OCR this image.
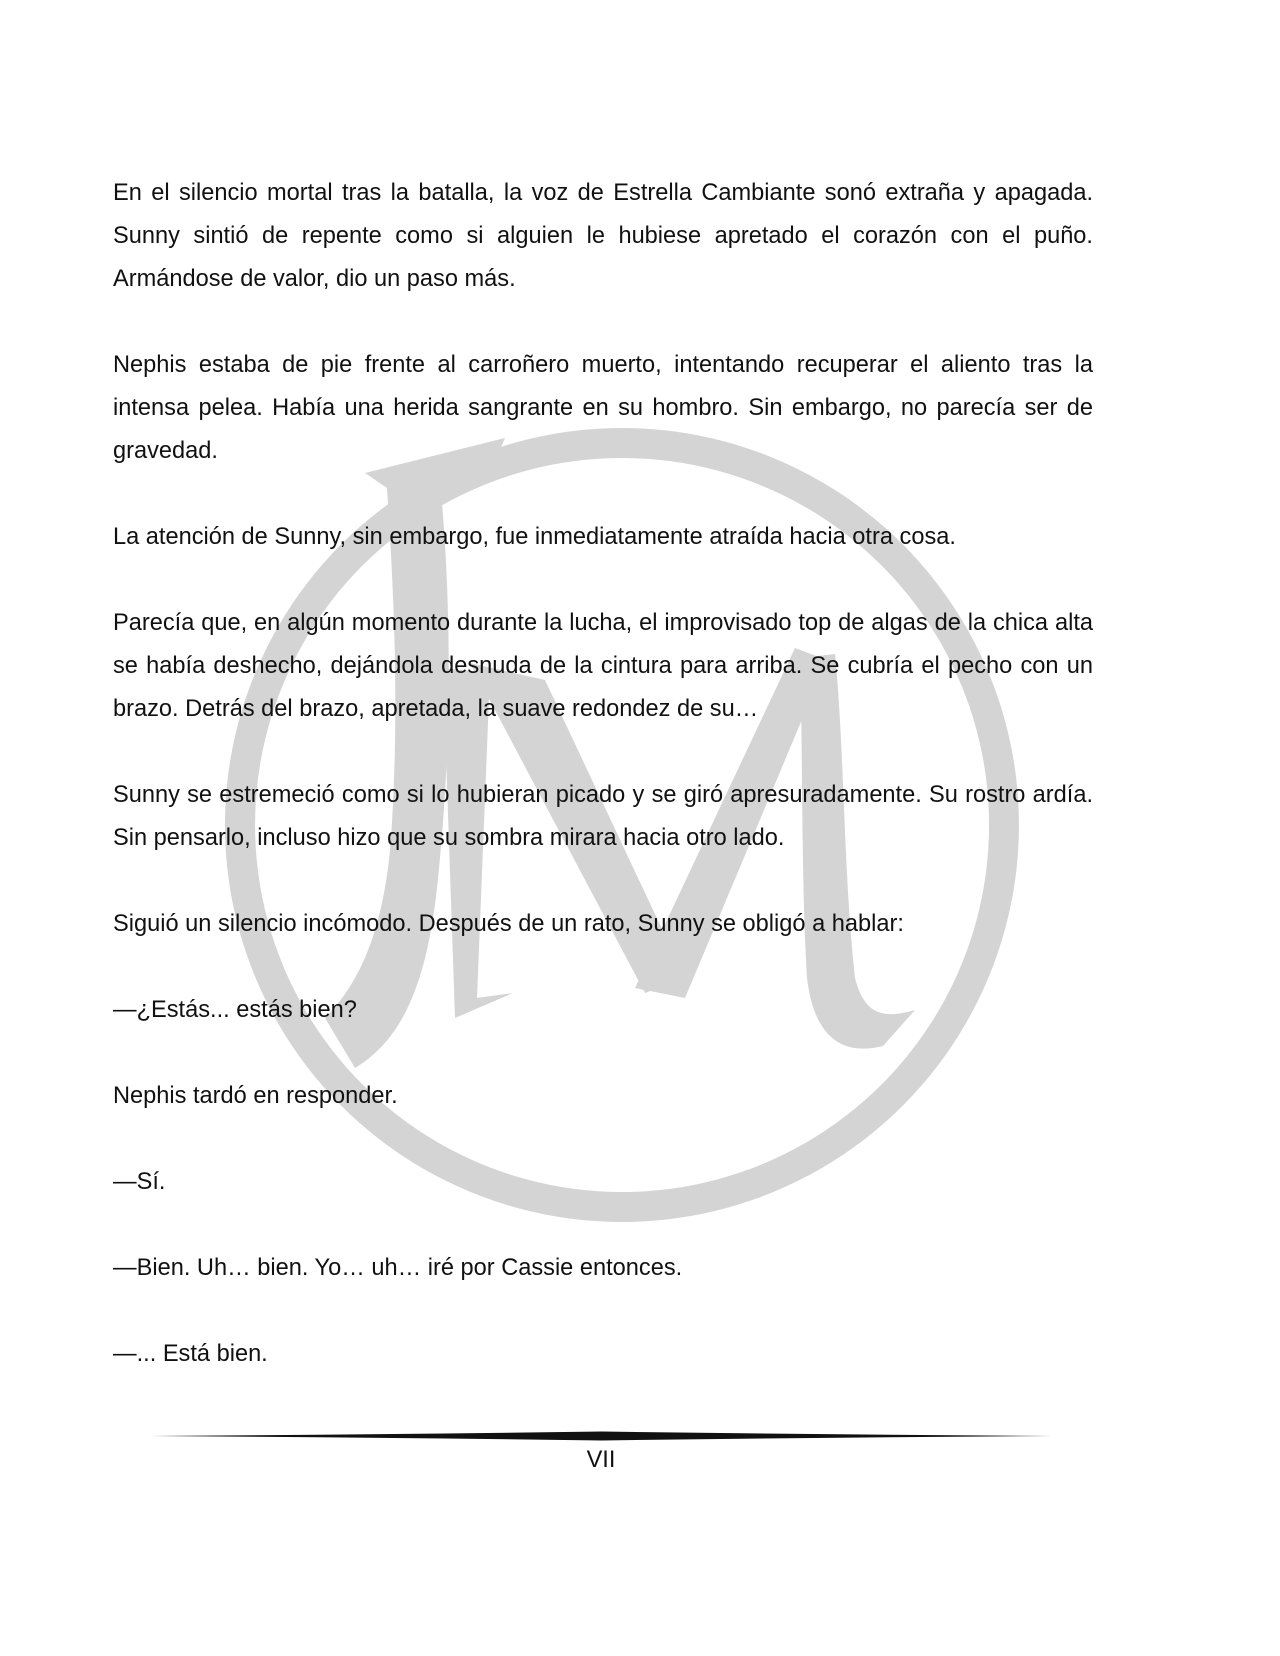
En el silencio mortal tras la batalla, la voz de Estrella Cambiante sonó extraña y apagada. Sunny sintió de repente como si alguien le hubiese apretado el corazón con el puño. Armándose de valor, dio un paso más.

Nephis estaba de pie frente al carroñero muerto, intentando recuperar el aliento tras la intensa pelea. Había una herida sangrante en su hombro. Sin embargo, no parecía ser de gravedad.

La atención de Sunny, sin embargo, fue inmediatamente atraída hacia otra cosa.

Parecía que, en algún momento durante la lucha, el improvisado top de algas de la chica alta se había deshecho, dejándola desnuda de la cintura para arriba. Se cubría el pecho con un brazo. Detrás del brazo, apretada, la suave redondez de su…

Sunny se estremeció como si lo hubieran picado y se giró apresuradamente. Su rostro ardía. Sin pensarlo, incluso hizo que su sombra mirara hacia otro lado.

Siguió un silencio incómodo. Después de un rato, Sunny se obligó a hablar:

—¿Estás... estás bien?

Nephis tardó en responder.

—Sí.

—Bien. Uh… bien. Yo… uh… iré por Cassie entonces.

—... Está bien.

VII
